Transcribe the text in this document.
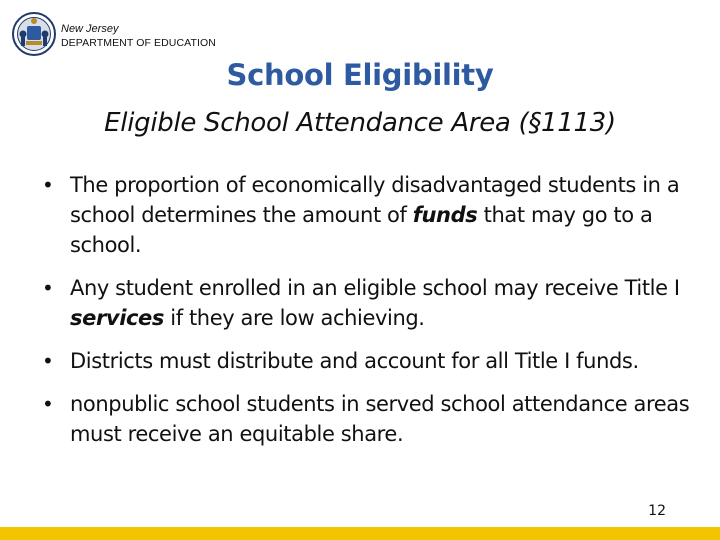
New Jersey
DEPARTMENT OF EDUCATION
School Eligibility
Eligible School Attendance Area (§1113)
• The proportion of economically disadvantaged students in a school determines the amount of funds that may go to a school.
• Any student enrolled in an eligible school may receive Title I services if they are low achieving.
• Districts must distribute and account for all Title I funds.
• nonpublic school students in served school attendance areas must receive an equitable share.
12
